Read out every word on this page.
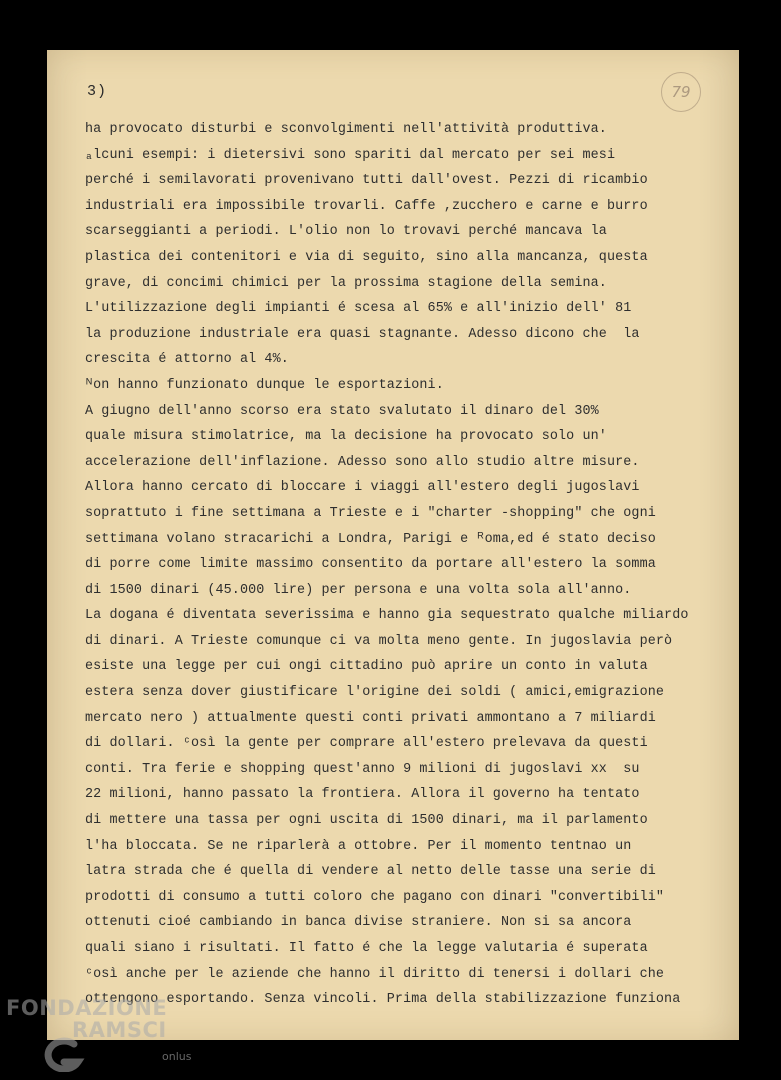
3)	79
ha provocato disturbi e sconvolgimenti nell'attività produttiva.
ₐlcuni esempi: i dietersivi sono spariti dal mercato per sei mesi
perché i semilavorati provenivano tutti dall'ovest. Pezzi di ricambio
industriali era impossibile trovarli. Caffe ,zucchero e carne e burro
scarseggianti a periodi. L'olio non lo trovavi perché mancava la
plastica dei contenitori e via di seguito, sino alla mancanza, questa
grave, di concimi chimici per la prossima stagione della semina.
L'utilizzazione degli impianti é scesa al 65% e all'inizio dell' 81
la produzione industriale era quasi stagnante. Adesso dicono che  la
crescita é attorno al 4%.
ᴺon hanno funzionato dunque le esportazioni.
A giugno dell'anno scorso era stato svalutato il dinaro del 30%
quale misura stimolatrice, ma la decisione ha provocato solo un'
accelerazione dell'inflazione. Adesso sono allo studio altre misure.
Allora hanno cercato di bloccare i viaggi all'estero degli jugoslavi
soprattuto i fine settimana a Trieste e i "charter -shopping" che ogni
settimana volano stracarichi a Londra, Parigi e ᴿoma,ed é stato deciso
di porre come limite massimo consentito da portare all'estero la somma
di 1500 dinari (45.000 lire) per persona e una volta sola all'anno.
La dogana é diventata severissima e hanno gia sequestrato qualche miliardo
di dinari. A Trieste comunque ci va molta meno gente. In jugoslavia però
esiste una legge per cui ongi cittadino può aprire un conto in valuta
estera senza dover giustificare l'origine dei soldi ( amici,emigrazione
mercato nero ) attualmente questi conti privati ammontano a 7 miliardi
di dollari. ᶜosì la gente per comprare all'estero prelevava da questi
conti. Tra ferie e shopping quest'anno 9 milioni di jugoslavi xx  su
22 milioni, hanno passato la frontiera. Allora il governo ha tentato
di mettere una tassa per ogni uscita di 1500 dinari, ma il parlamento
l'ha bloccata. Se ne riparlerà a ottobre. Per il momento tentnao un
latra strada che é quella di vendere al netto delle tasse una serie di
prodotti di consumo a tutti coloro che pagano con dinari "convertibili"
ottenuti cioé cambiando in banca divise straniere. Non si sa ancora
quali siano i risultati. Il fatto é che la legge valutaria é superata
ᶜosì anche per le aziende che hanno il diritto di tenersi i dollari che
ottengono esportando. Senza vincoli. Prima della stabilizzazione funziona
FONDAZIONE
RAMSCI
onlus
